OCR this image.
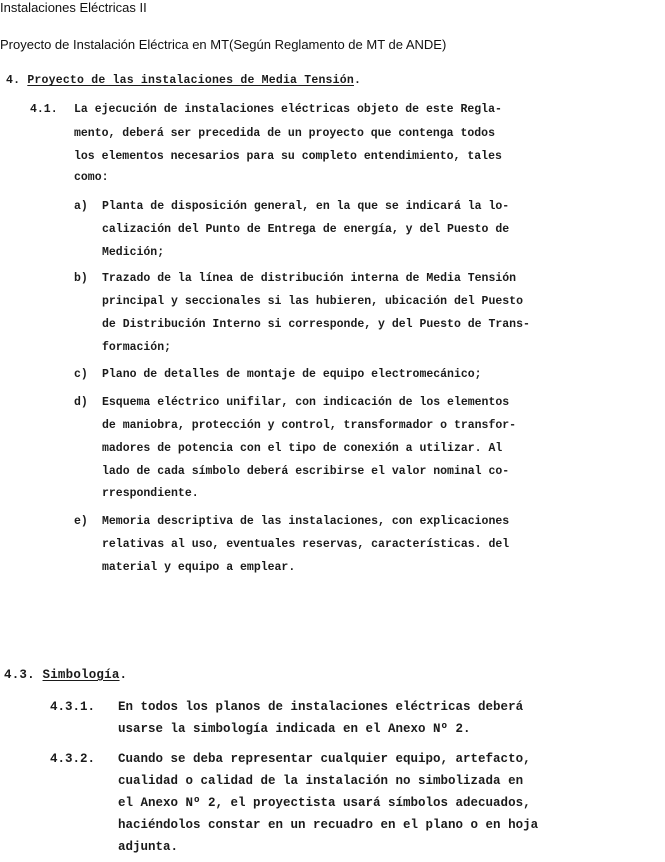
Instalaciones Eléctricas II
Proyecto de Instalación Eléctrica en MT(Según Reglamento de MT de ANDE)
4. Proyecto de las instalaciones de Media Tensión.
4.1. La ejecución de instalaciones eléctricas objeto de este Regla-
mento, deberá ser precedida de un proyecto que contenga todos
los elementos necesarios para su completo entendimiento, tales
como:
a) Planta de disposición general, en la que se indicará la lo-
calización del Punto de Entrega de energía, y del Puesto de
Medición;
b) Trazado de la línea de distribución interna de Media Tensión
principal y seccionales si las hubieren, ubicación del Puesto
de Distribución Interno si corresponde, y del Puesto de Trans-
formación;
c) Plano de detalles de montaje de equipo electromecánico;
d) Esquema eléctrico unifilar, con indicación de los elementos
de maniobra, protección y control, transformador o transfor-
madores de potencia con el tipo de conexión a utilizar. Al
lado de cada símbolo deberá escribirse el valor nominal co-
rrespondiente.
e) Memoria descriptiva de las instalaciones, con explicaciones
relativas al uso, eventuales reservas, características. del
material y equipo a emplear.
4.3. Simbología.
4.3.1. En todos los planos de instalaciones eléctricas deberá
usarse la simbología indicada en el Anexo Nº 2.
4.3.2. Cuando se deba representar cualquier equipo, artefacto,
cualidad o calidad de la instalación no simbolizada en
el Anexo Nº 2, el proyectista usará símbolos adecuados,
haciéndolos constar en un recuadro en el plano o en hoja
adjunta.
